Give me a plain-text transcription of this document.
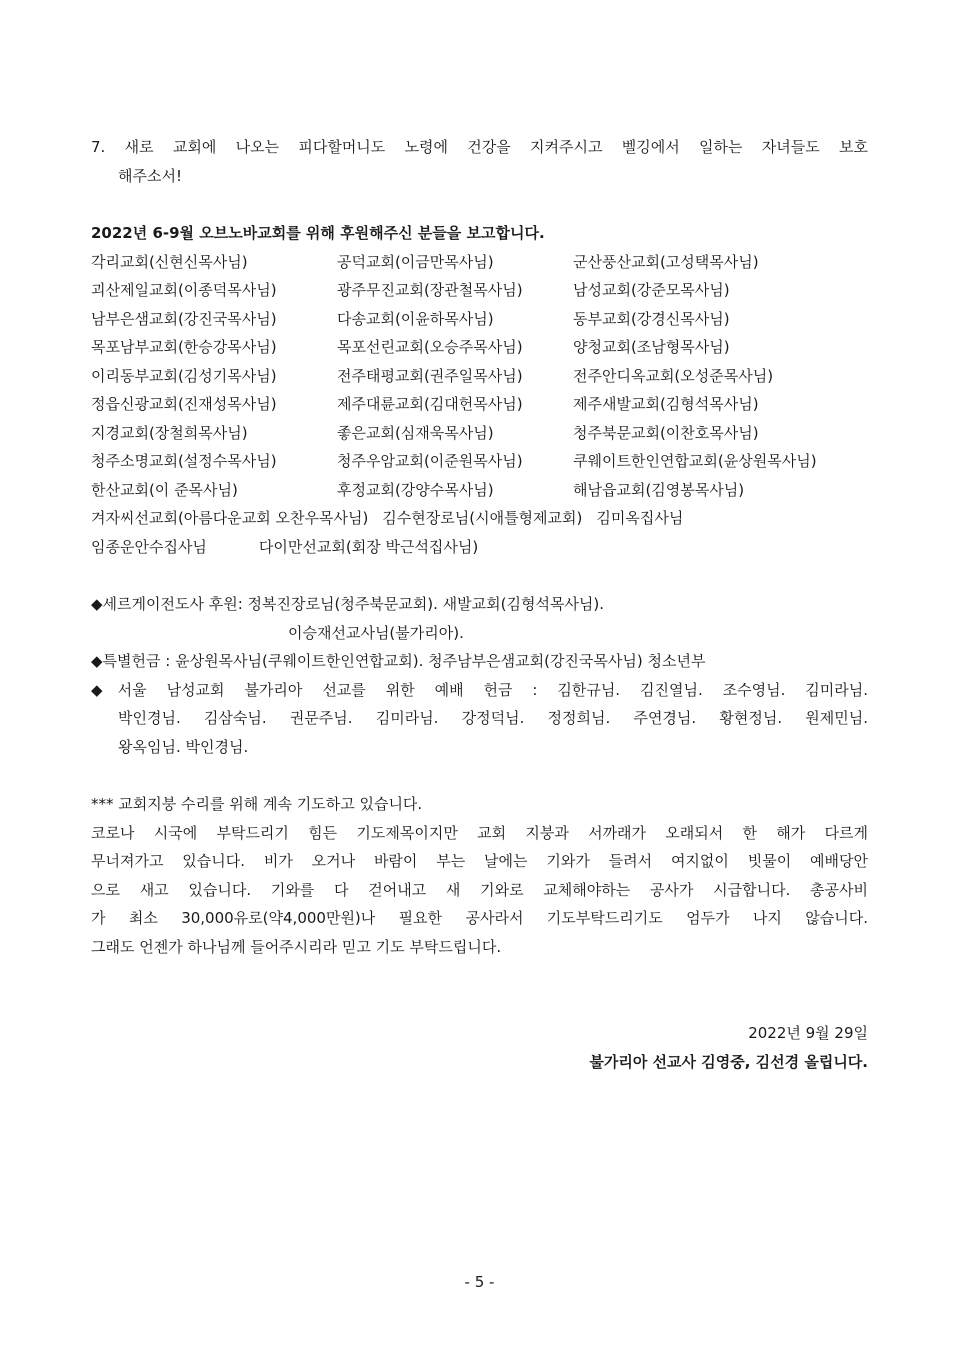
7. 새로 교회에 나오는 피다할머니도 노령에 건강을 지켜주시고 벨깅에서 일하는 자녀들도 보호
해주소서!
2022년 6-9월 오브노바교회를 위해 후원해주신 분들을 보고합니다.
각리교회(신현신목사님)	공덕교회(이금만목사님)	군산풍산교회(고성택목사님)
괴산제일교회(이종덕목사님)	광주무진교회(장관철목사님)	남성교회(강준모목사님)
남부은샘교회(강진국목사님)	다송교회(이윤하목사님)	동부교회(강경신목사님)
목포남부교회(한승강목사님)	목포선린교회(오승주목사님)	양청교회(조남형목사님)
이리동부교회(김성기목사님)	전주태평교회(권주일목사님)	전주안디옥교회(오성준목사님)
정읍신광교회(진재성목사님)	제주대륜교회(김대헌목사님)	제주새발교회(김형석목사님)
지경교회(장철희목사님)	좋은교회(심재욱목사님)	청주북문교회(이찬호목사님)
청주소명교회(설정수목사님)	청주우암교회(이준원목사님)	쿠웨이트한인연합교회(윤상원목사님)
한산교회(이 준목사님)	후정교회(강양수목사님)	해남읍교회(김영봉목사님)
겨자씨선교회(아름다운교회 오찬우목사님) 김수현장로님(시애틀형제교회) 김미옥집사님
임종운안수집사님	다이만선교회(회장 박근석집사님)
◆세르게이전도사 후원: 정복진장로님(청주북문교회). 새발교회(김형석목사님).
이승재선교사님(불가리아).
◆특별헌금 : 윤상원목사님(쿠웨이트한인연합교회). 청주남부은샘교회(강진국목사님) 청소년부
◆서울 남성교회 불가리아 선교를 위한 예배 헌금 : 김한규님. 김진열님. 조수영님. 김미라님.
박인경님. 김삼숙님. 권문주님. 김미라님. 강정덕님. 정정희님. 주연경님. 황현정님. 원제민님.
왕옥임님. 박인경님.
*** 교회지붕 수리를 위해 계속 기도하고 있습니다.
코로나 시국에 부탁드리기 힘든 기도제목이지만 교회 지붕과 서까래가 오래되서 한 해가 다르게
무너져가고 있습니다. 비가 오거나 바람이 부는 날에는 기와가 들려서 여지없이 빗물이 예배당안
으로 새고 있습니다. 기와를 다 걷어내고 새 기와로 교체해야하는 공사가 시급합니다. 총공사비
가 최소 30,000유로(약4,000만원)나 필요한 공사라서 기도부탁드리기도 엄두가 나지 않습니다.
그래도 언젠가 하나님께 들어주시리라 믿고 기도 부탁드립니다.
2022년 9월 29일
불가리아 선교사 김영중, 김선경 올립니다.
- 5 -
